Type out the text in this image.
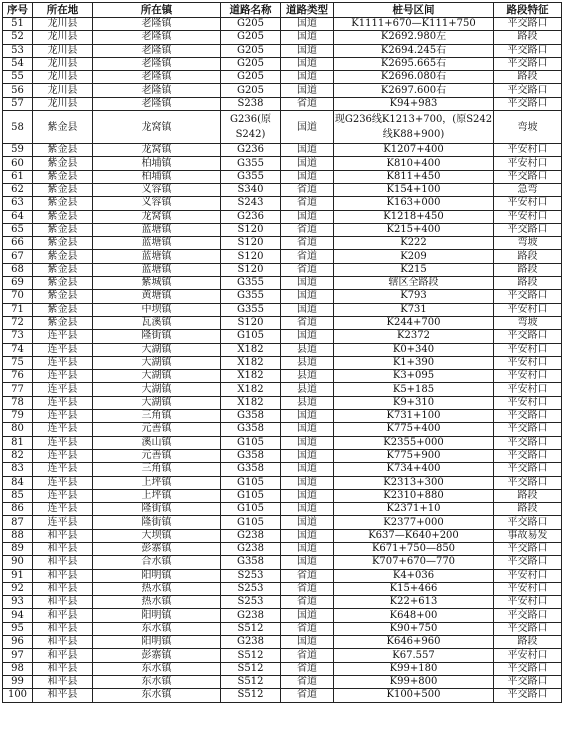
序号	所在地	所在镇	道路名称	道路类型	桩号区间	路段特征
51	龙川县	老隆镇	G205	国道	K1111+670—K111+750	平交路口
52	龙川县	老隆镇	G205	国道	K2692.980左	路段
53	龙川县	老隆镇	G205	国道	K2694.245右	平交路口
54	龙川县	老隆镇	G205	国道	K2695.665右	平交路口
55	龙川县	老隆镇	G205	国道	K2696.080右	路段
56	龙川县	老隆镇	G205	国道	K2697.600右	平交路口
57	龙川县	老隆镇	S238	省道	K94+983	平交路口
58	紫金县	龙窝镇	G236(原S242)	国道	现G236线K1213+700，(原S242线K88+900)	弯坡
59	紫金县	龙窝镇	G236	国道	K1207+400	平安村口
60	紫金县	柏埔镇	G355	国道	K810+400	平安村口
61	紫金县	柏埔镇	G355	国道	K811+450	平交路口
62	紫金县	义容镇	S340	省道	K154+100	急弯
63	紫金县	义容镇	S243	省道	K163+000	平安村口
64	紫金县	龙窝镇	G236	国道	K1218+450	平安村口
65	紫金县	蓝塘镇	S120	省道	K215+400	平交路口
66	紫金县	蓝塘镇	S120	省道	K222	弯坡
67	紫金县	蓝塘镇	S120	省道	K209	路段
68	紫金县	蓝塘镇	S120	省道	K215	路段
69	紫金县	紫城镇	G355	国道	辖区全路段	路段
70	紫金县	黄塘镇	G355	国道	K793	平交路口
71	紫金县	中坝镇	G355	国道	K731	平安村口
72	紫金县	瓦溪镇	S120	省道	K244+700	弯坡
73	连平县	隆街镇	G105	国道	K2372	平交路口
74	连平县	大湖镇	X182	县道	K0+340	平安村口
75	连平县	大湖镇	X182	县道	K1+390	平安村口
76	连平县	大湖镇	X182	县道	K3+095	平安村口
77	连平县	大湖镇	X182	县道	K5+185	平安村口
78	连平县	大湖镇	X182	县道	K9+310	平安村口
79	连平县	三角镇	G358	国道	K731+100	平交路口
80	连平县	元善镇	G358	国道	K775+400	平交路口
81	连平县	溪山镇	G105	国道	K2355+000	平交路口
82	连平县	元善镇	G358	国道	K775+900	平交路口
83	连平县	三角镇	G358	国道	K734+400	平交路口
84	连平县	上坪镇	G105	国道	K2313+300	平交路口
85	连平县	上坪镇	G105	国道	K2310+880	路段
86	连平县	隆街镇	G105	国道	K2371+10	路段
87	连平县	隆街镇	G105	国道	K2377+000	平交路口
88	和平县	大坝镇	G238	国道	K637—K640+200	事故易发
89	和平县	彭寨镇	G238	国道	K671+750—850	平交路口
90	和平县	合水镇	G358	国道	K707+670—770	平交路口
91	和平县	阳明镇	S253	省道	K4+036	平安村口
92	和平县	热水镇	S253	省道	K15+466	平安村口
93	和平县	热水镇	S253	省道	K22+613	平安村口
94	和平县	阳明镇	G238	国道	K648+00	平交路口
95	和平县	东水镇	S512	省道	K90+750	平交路口
96	和平县	阳明镇	G238	国道	K646+960	路段
97	和平县	彭寨镇	S512	省道	K67.557	平安村口
98	和平县	东水镇	S512	省道	K99+180	平交路口
99	和平县	东水镇	S512	省道	K99+800	平交路口
100	和平县	东水镇	S512	省道	K100+500	平交路口
